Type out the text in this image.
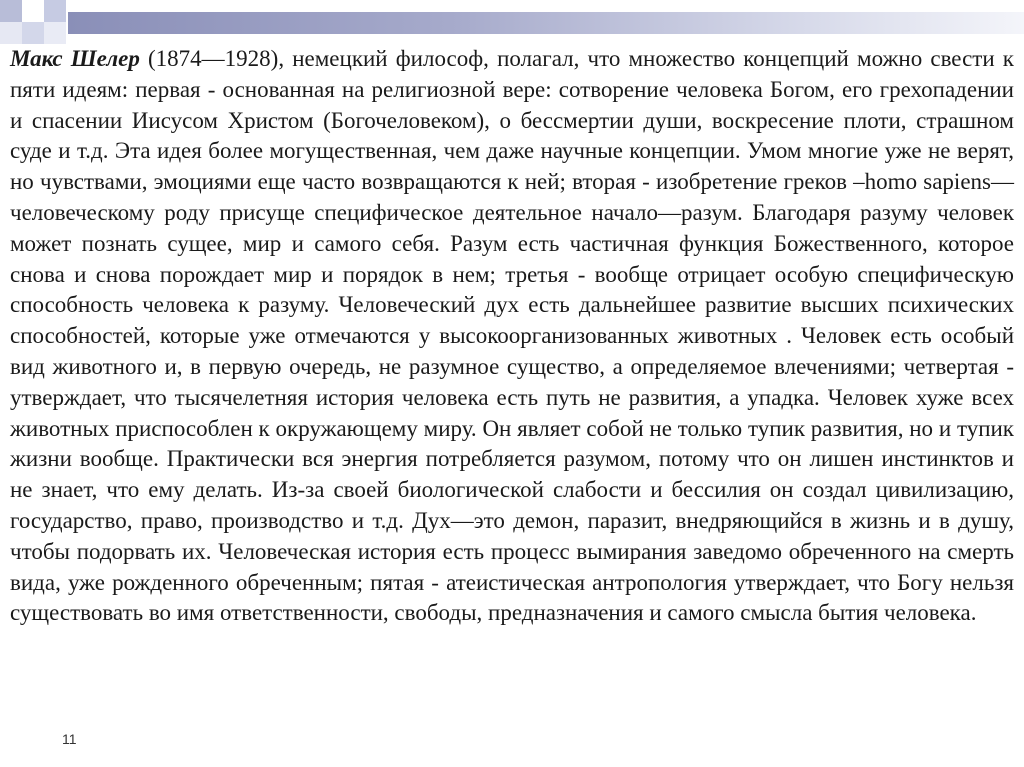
Макс Шелер (1874—1928), немецкий философ, полагал, что множество концепций можно свести к пяти идеям: первая - основанная на религиозной вере: сотворение человека Богом, его грехопадении и спасении Иисусом Христом (Богочеловеком), о бессмертии души, воскресение плоти, страшном суде и т.д. Эта идея более могущественная, чем даже научные концепции. Умом многие уже не верят, но чувствами, эмоциями еще часто возвращаются к ней; вторая - изобретение греков –homo sapiens—человеческому роду присуще специфическое деятельное начало—разум. Благодаря разуму человек может познать сущее, мир и самого себя. Разум есть частичная функция Божественного, которое снова и снова порождает мир и порядок в нем; третья - вообще отрицает особую специфическую способность человека к разуму. Человеческий дух есть дальнейшее развитие высших психических способностей, которые уже отмечаются у высокоорганизованных животных . Человек есть особый вид животного и, в первую очередь, не разумное существо, а определяемое влечениями; четвертая - утверждает, что тысячелетняя история человека есть путь не развития, а упадка. Человек хуже всех животных приспособлен к окружающему миру. Он являет собой не только тупик развития, но и тупик жизни вообще. Практически вся энергия потребляется разумом, потому что он лишен инстинктов и не знает, что ему делать. Из-за своей биологической слабости и бессилия он создал цивилизацию, государство, право, производство и т.д. Дух—это демон, паразит, внедряющийся в жизнь и в душу, чтобы подорвать их. Человеческая история есть процесс вымирания заведомо обреченного на смерть вида, уже рожденного обреченным; пятая - атеистическая антропология утверждает, что Богу нельзя существовать во имя ответственности, свободы, предназначения и самого смысла бытия человека.

11
